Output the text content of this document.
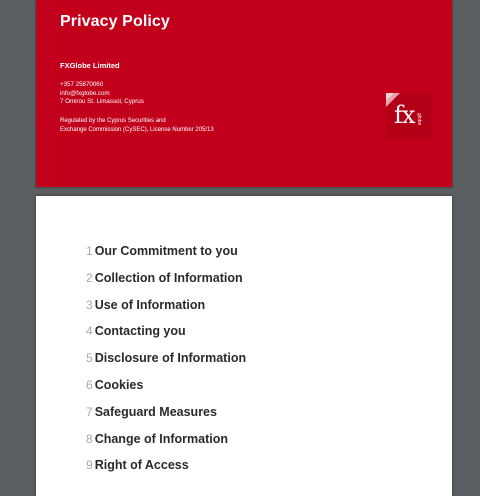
Privacy Policy
FXGlobe Limited
+357 25870060
info@fxglobe.com
7 Omirou St. Limassol, Cyprus
Regulated by the Cyprus Securities and
Exchange Commission (CySEC), License Number 205/13
fx globe
1 Our Commitment to you
2 Collection of Information
3 Use of Information
4 Contacting you
5 Disclosure of Information
6 Cookies
7 Safeguard Measures
8 Change of Information
9 Right of Access
